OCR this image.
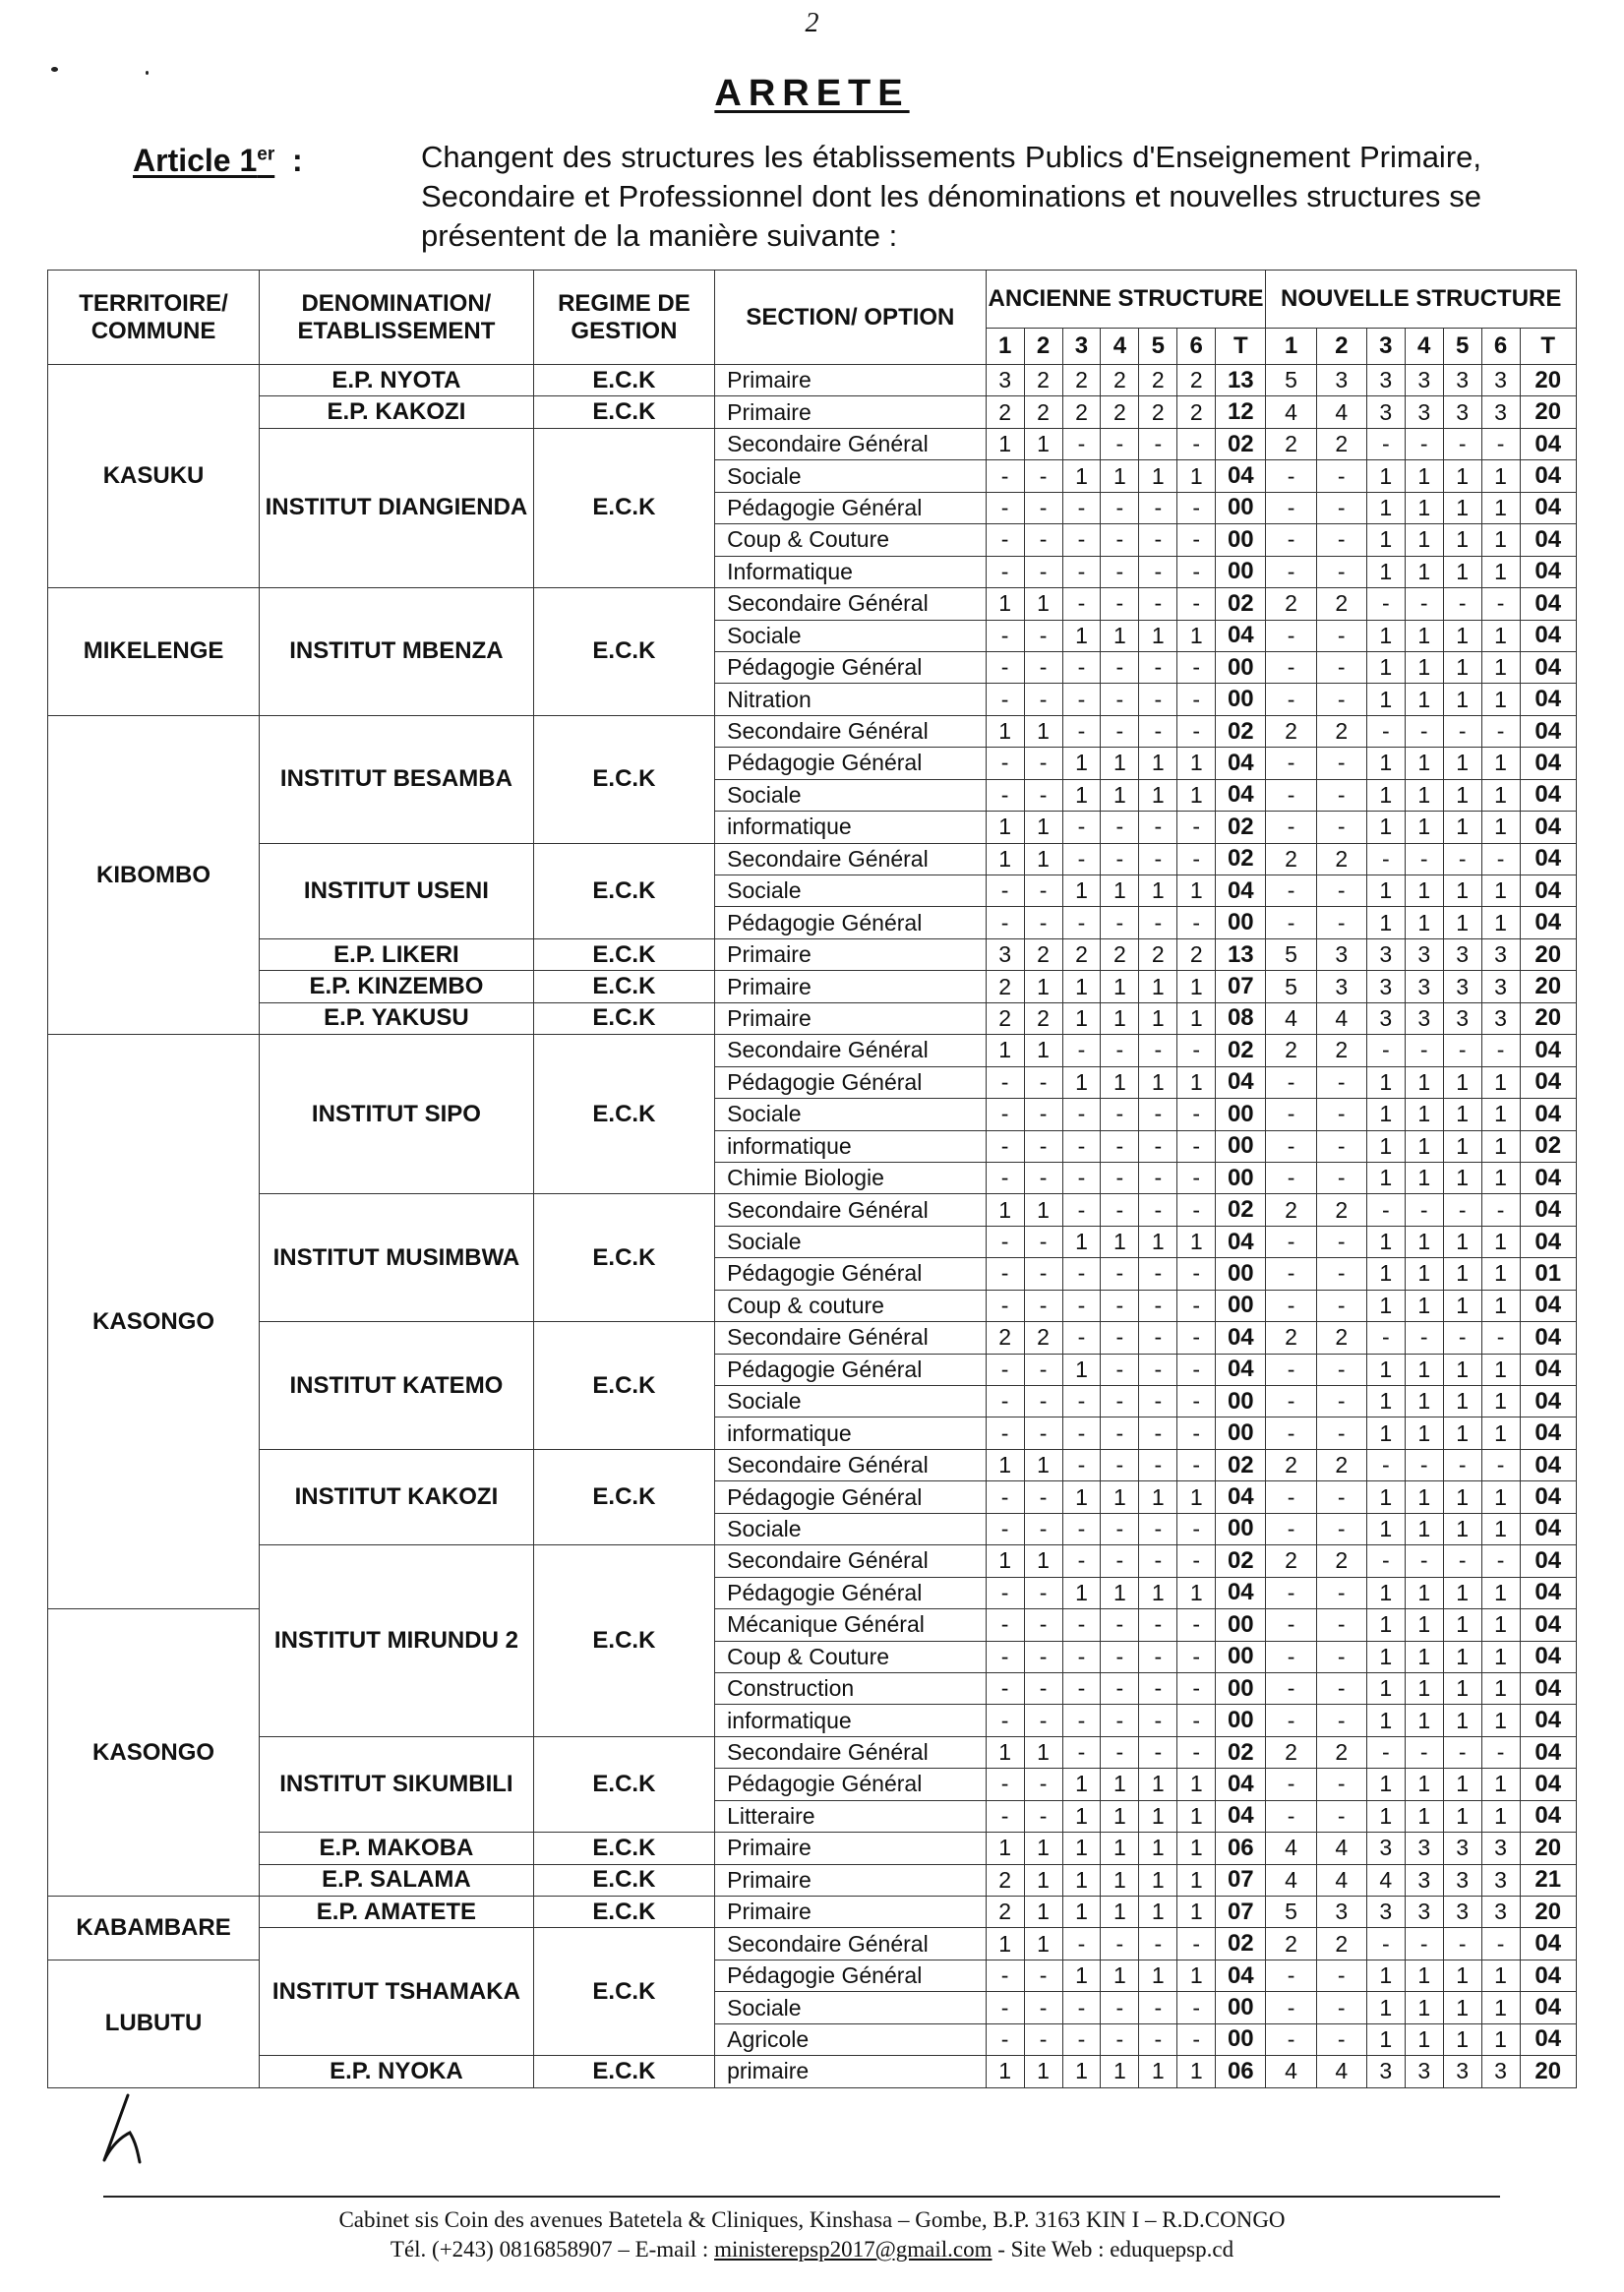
2
ARRETE
Article 1er :	Changent des structures les établissements Publics d'Enseignement Primaire, Secondaire et Professionnel dont les dénominations et nouvelles structures se présentent de la manière suivante :
TERRITOIRE/ COMMUNE	DENOMINATION/ ETABLISSEMENT	REGIME DE GESTION	SECTION/ OPTION	ANCIENNE STRUCTURE							NOUVELLE STRUCTURE						
				1	2	3	4	5	6	T	1	2	3	4	5	6	T
KASUKU	E.P. NYOTA	E.C.K	Primaire	3	2	2	2	2	2	13	5	3	3	3	3	3	20
	E.P. KAKOZI	E.C.K	Primaire	2	2	2	2	2	2	12	4	4	3	3	3	3	20
	INSTITUT DIANGIENDA	E.C.K	Secondaire Général	1	1	-	-	-	-	02	2	2	-	-	-	-	04
			Sociale	-	-	1	1	1	1	04	-	-	1	1	1	1	04
			Pédagogie Général	-	-	-	-	-	-	00	-	-	1	1	1	1	04
			Coup & Couture	-	-	-	-	-	-	00	-	-	1	1	1	1	04
			Informatique	-	-	-	-	-	-	00	-	-	1	1	1	1	04
MIKELENGE	INSTITUT MBENZA	E.C.K	Secondaire Général	1	1	-	-	-	-	02	2	2	-	-	-	-	04
			Sociale	-	-	1	1	1	1	04	-	-	1	1	1	1	04
			Pédagogie Général	-	-	-	-	-	-	00	-	-	1	1	1	1	04
			Nitration	-	-	-	-	-	-	00	-	-	1	1	1	1	04
KIBOMBO	INSTITUT BESAMBA	E.C.K	Secondaire Général	1	1	-	-	-	-	02	2	2	-	-	-	-	04
			Pédagogie Général	-	-	1	1	1	1	04	-	-	1	1	1	1	04
			Sociale	-	-	1	1	1	1	04	-	-	1	1	1	1	04
			informatique	1	1	-	-	-	-	02	-	-	1	1	1	1	04
	INSTITUT USENI	E.C.K	Secondaire Général	1	1	-	-	-	-	02	2	2	-	-	-	-	04
			Sociale	-	-	1	1	1	1	04	-	-	1	1	1	1	04
			Pédagogie Général	-	-	-	-	-	-	00	-	-	1	1	1	1	04
	E.P. LIKERI	E.C.K	Primaire	3	2	2	2	2	2	13	5	3	3	3	3	3	20
	E.P. KINZEMBO	E.C.K	Primaire	2	1	1	1	1	1	07	5	3	3	3	3	3	20
	E.P. YAKUSU	E.C.K	Primaire	2	2	1	1	1	1	08	4	4	3	3	3	3	20
KASONGO	INSTITUT SIPO	E.C.K	Secondaire Général	1	1	-	-	-	-	02	2	2	-	-	-	-	04
			Pédagogie Général	-	-	1	1	1	1	04	-	-	1	1	1	1	04
			Sociale	-	-	-	-	-	-	00	-	-	1	1	1	1	04
			informatique	-	-	-	-	-	-	00	-	-	1	1	1	1	02
			Chimie Biologie	-	-	-	-	-	-	00	-	-	1	1	1	1	04
	INSTITUT MUSIMBWA	E.C.K	Secondaire Général	1	1	-	-	-	-	02	2	2	-	-	-	-	04
			Sociale	-	-	1	1	1	1	04	-	-	1	1	1	1	04
			Pédagogie Général	-	-	-	-	-	-	00	-	-	1	1	1	1	01
			Coup & couture	-	-	-	-	-	-	00	-	-	1	1	1	1	04
	INSTITUT KATEMO	E.C.K	Secondaire Général	2	2	-	-	-	-	04	2	2	-	-	-	-	04
			Pédagogie Général	-	-	1	-	-	-	04	-	-	1	1	1	1	04
			Sociale	-	-	-	-	-	-	00	-	-	1	1	1	1	04
			informatique	-	-	-	-	-	-	00	-	-	1	1	1	1	04
	INSTITUT KAKOZI	E.C.K	Secondaire Général	1	1	-	-	-	-	02	2	2	-	-	-	-	04
			Pédagogie Général	-	-	1	1	1	1	04	-	-	1	1	1	1	04
			Sociale	-	-	-	-	-	-	00	-	-	1	1	1	1	04
	INSTITUT MIRUNDU 2	E.C.K	Secondaire Général	1	1	-	-	-	-	02	2	2	-	-	-	-	04
			Pédagogie Général	-	-	1	1	1	1	04	-	-	1	1	1	1	04
KASONGO			Mécanique Général	-	-	-	-	-	-	00	-	-	1	1	1	1	04
			Coup & Couture	-	-	-	-	-	-	00	-	-	1	1	1	1	04
			Construction	-	-	-	-	-	-	00	-	-	1	1	1	1	04
			informatique	-	-	-	-	-	-	00	-	-	1	1	1	1	04
	INSTITUT SIKUMBILI	E.C.K	Secondaire Général	1	1	-	-	-	-	02	2	2	-	-	-	-	04
			Pédagogie Général	-	-	1	1	1	1	04	-	-	1	1	1	1	04
			Litteraire	-	-	1	1	1	1	04	-	-	1	1	1	1	04
	E.P. MAKOBA	E.C.K	Primaire	1	1	1	1	1	1	06	4	4	3	3	3	3	20
	E.P. SALAMA	E.C.K	Primaire	2	1	1	1	1	1	07	4	4	4	3	3	3	21
KABAMBARE	E.P. AMATETE	E.C.K	Primaire	2	1	1	1	1	1	07	5	3	3	3	3	3	20
	INSTITUT TSHAMAKA	E.C.K	Secondaire Général	1	1	-	-	-	-	02	2	2	-	-	-	-	04
LUBUTU			Pédagogie Général	-	-	1	1	1	1	04	-	-	1	1	1	1	04
			Sociale	-	-	-	-	-	-	00	-	-	1	1	1	1	04
			Agricole	-	-	-	-	-	-	00	-	-	1	1	1	1	04
	E.P. NYOKA	E.C.K	primaire	1	1	1	1	1	1	06	4	4	3	3	3	3	20
Cabinet sis Coin des avenues Batetela & Cliniques, Kinshasa – Gombe, B.P. 3163 KIN I – R.D.CONGO
Tél. (+243) 0816858907 – E-mail : ministerepsp2017@gmail.com - Site Web : eduquepsp.cd
